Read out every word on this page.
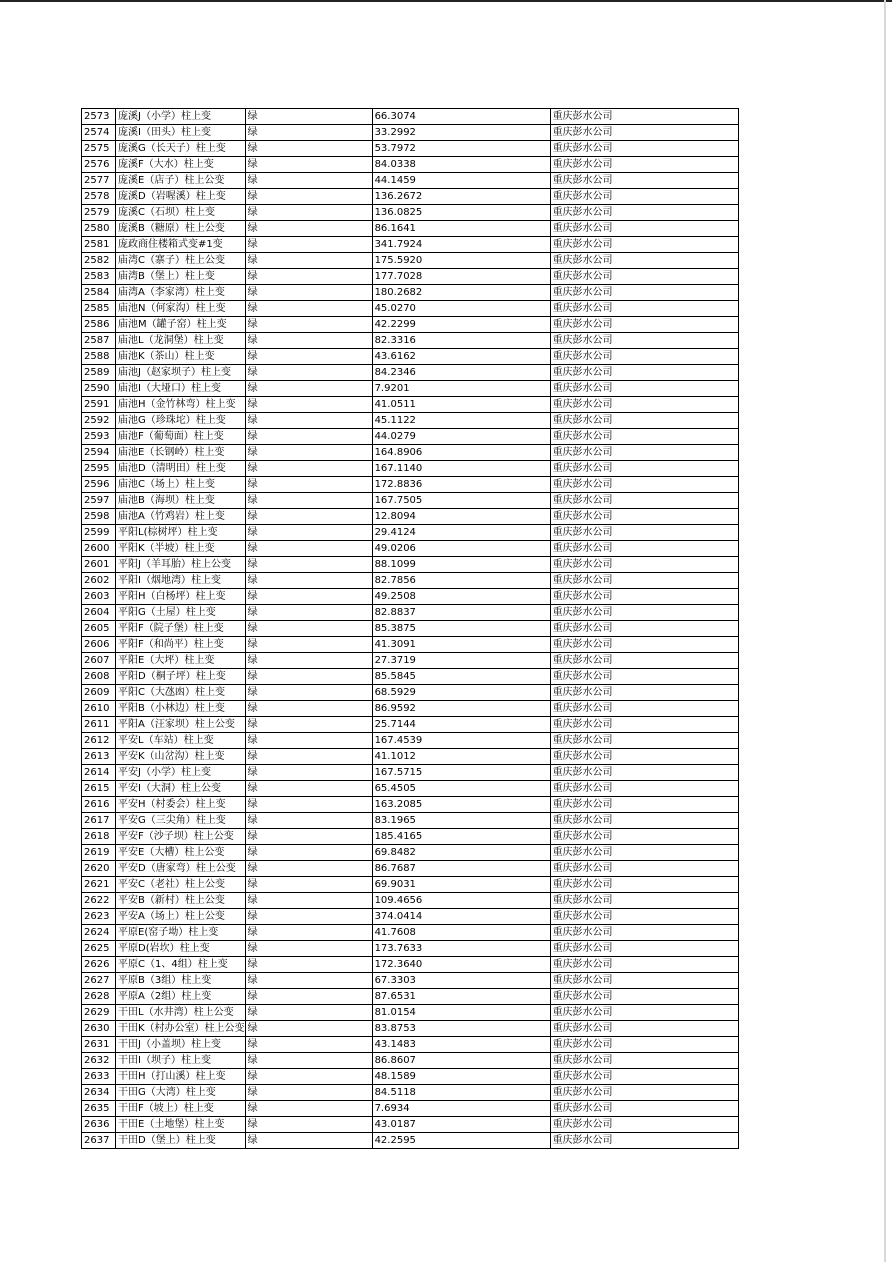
2573	庞溪J（小学）柱上变	绿	66.3074	重庆彭水公司
2574	庞溪I（田头）柱上变	绿	33.2992	重庆彭水公司
2575	庞溪G（长天子）柱上变	绿	53.7972	重庆彭水公司
2576	庞溪F（大水）柱上变	绿	84.0338	重庆彭水公司
2577	庞溪E（店子）柱上公变	绿	44.1459	重庆彭水公司
2578	庞溪D（岩喔溪）柱上变	绿	136.2672	重庆彭水公司
2579	庞溪C（石坝）柱上变	绿	136.0825	重庆彭水公司
2580	庞溪B（糖原）柱上公变	绿	86.1641	重庆彭水公司
2581	庞政商住楼箱式变#1变	绿	341.7924	重庆彭水公司
2582	庙湾C（寨子）柱上公变	绿	175.5920	重庆彭水公司
2583	庙湾B（堡上）柱上变	绿	177.7028	重庆彭水公司
2584	庙湾A（李家湾）柱上变	绿	180.2682	重庆彭水公司
2585	庙池N（何家沟）柱上变	绿	45.0270	重庆彭水公司
2586	庙池M（罐子窑）柱上变	绿	42.2299	重庆彭水公司
2587	庙池L（龙洞堡）柱上变	绿	82.3316	重庆彭水公司
2588	庙池K（茶山）柱上变	绿	43.6162	重庆彭水公司
2589	庙池J（赵家坝子）柱上变	绿	84.2346	重庆彭水公司
2590	庙池I（大垭口）柱上变	绿	7.9201	重庆彭水公司
2591	庙池H（金竹林弯）柱上变	绿	41.0511	重庆彭水公司
2592	庙池G（珍珠坨）柱上变	绿	45.1122	重庆彭水公司
2593	庙池F（葡萄面）柱上变	绿	44.0279	重庆彭水公司
2594	庙池E（长钢岭）柱上变	绿	164.8906	重庆彭水公司
2595	庙池D（清明田）柱上变	绿	167.1140	重庆彭水公司
2596	庙池C（场上）柱上变	绿	172.8836	重庆彭水公司
2597	庙池B（海坝）柱上变	绿	167.7505	重庆彭水公司
2598	庙池A（竹鸡岩）柱上变	绿	12.8094	重庆彭水公司
2599	平阳L(棕树坪）柱上变	绿	29.4124	重庆彭水公司
2600	平阳K（半坡）柱上变	绿	49.0206	重庆彭水公司
2601	平阳J（羊耳胎）柱上公变	绿	88.1099	重庆彭水公司
2602	平阳I（烟地湾）柱上变	绿	82.7856	重庆彭水公司
2603	平阳H（白杨坪）柱上变	绿	49.2508	重庆彭水公司
2604	平阳G（土屋）柱上变	绿	82.8837	重庆彭水公司
2605	平阳F（院子堡）柱上变	绿	85.3875	重庆彭水公司
2606	平阳F（和尚平）柱上变	绿	41.3091	重庆彭水公司
2607	平阳E（大坪）柱上变	绿	27.3719	重庆彭水公司
2608	平阳D（桐子坪）柱上变	绿	85.5845	重庆彭水公司
2609	平阳C（大氹凼）柱上变	绿	68.5929	重庆彭水公司
2610	平阳B（小林边）柱上变	绿	86.9592	重庆彭水公司
2611	平阳A（汪家坝）柱上公变	绿	25.7144	重庆彭水公司
2612	平安L（车站）柱上变	绿	167.4539	重庆彭水公司
2613	平安K（山岔沟）柱上变	绿	41.1012	重庆彭水公司
2614	平安J（小学）柱上变	绿	167.5715	重庆彭水公司
2615	平安I（大洞）柱上公变	绿	65.4505	重庆彭水公司
2616	平安H（村委会）柱上变	绿	163.2085	重庆彭水公司
2617	平安G（三尖角）柱上变	绿	83.1965	重庆彭水公司
2618	平安F（沙子坝）柱上公变	绿	185.4165	重庆彭水公司
2619	平安E（大槽）柱上公变	绿	69.8482	重庆彭水公司
2620	平安D（唐家弯）柱上公变	绿	86.7687	重庆彭水公司
2621	平安C（老社）柱上公变	绿	69.9031	重庆彭水公司
2622	平安B（新村）柱上公变	绿	109.4656	重庆彭水公司
2623	平安A（场上）柱上公变	绿	374.0414	重庆彭水公司
2624	平原E(窑子坳）柱上变	绿	41.7608	重庆彭水公司
2625	平原D(岩坎）柱上变	绿	173.7633	重庆彭水公司
2626	平原C（1、4组）柱上变	绿	172.3640	重庆彭水公司
2627	平原B（3组）柱上变	绿	67.3303	重庆彭水公司
2628	平原A（2组）柱上变	绿	87.6531	重庆彭水公司
2629	干田L（水井湾）柱上公变	绿	81.0154	重庆彭水公司
2630	干田K（村办公室）柱上公变	绿	83.8753	重庆彭水公司
2631	干田J（小盖坝）柱上变	绿	43.1483	重庆彭水公司
2632	干田I（坝子）柱上变	绿	86.8607	重庆彭水公司
2633	干田H（打山溪）柱上变	绿	48.1589	重庆彭水公司
2634	干田G（大湾）柱上变	绿	84.5118	重庆彭水公司
2635	干田F（坡上）柱上变	绿	7.6934	重庆彭水公司
2636	干田E（土地堡）柱上变	绿	43.0187	重庆彭水公司
2637	干田D（堡上）柱上变	绿	42.2595	重庆彭水公司
